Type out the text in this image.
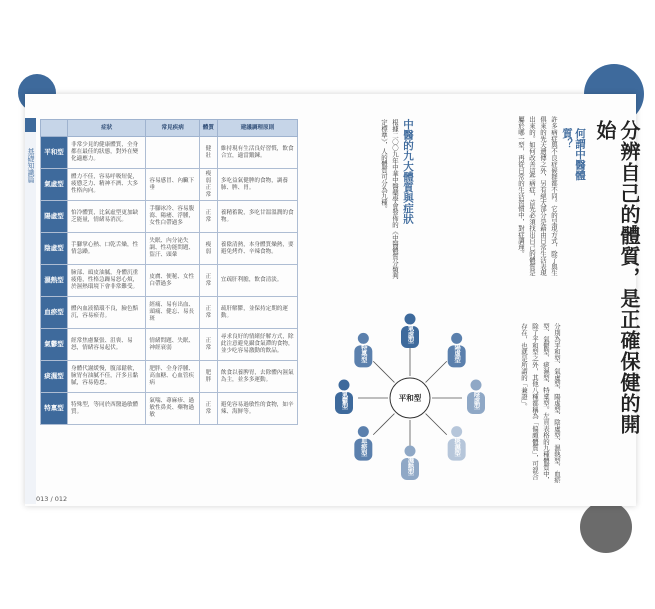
基礎知識篇
013 / 012
	症狀	常見疾病	體質	建議調理原則
平和型	非常少見的健康體質，全身都在最佳的狀態，對外在變化適應力。		健壯	維持現有生活良好習慣，飲食合宜，適當鍛鍊。
氣虛型	體力不佳，容易呼吸短促，疲憊乏力、精神不濟、大多性格內向。	容易感冒、內臟下垂	瘦弱正常	多吃益氣健脾的食物，調養肺、脾、胃。
陽虛型	怕冷體質，比氣虛型更加缺乏能量，情緒易消沉。	手腳冰冷、容易腹瀉、陽痿、浮腫，女性白帶過多	正常	養精蓄銳，多吃甘溫溫潤的食物。
陰虛型	手腳掌心熱、口乾舌燥，性情急躁。	失眠、內分泌失調、性功能問題、盜汗、頭暈	瘦弱	養陰清熱，本身體質燥熱，要避免烤炸、辛辣食物。
濕熱型	臉部、頭皮油膩，身體沉重疲倦，性格急躁易怒心煩，於濕熱環境下會非常難受。	皮膚、便秘、女性白帶過多	正常	宜疏肝利膽，飲食清淡。
血瘀型	體內血液循環不良，臉色黯沉，容易瘀青。	經痛、易有出血、頭痛、健忘、易長斑	正常	疏肝解鬱，並保持定期的運動。
氣鬱型	經常焦慮緊張、沮喪、易怒，情緒容易起伏。	情緒問題、失眠、神經衰弱	正常	尋求良好的情緒紓解方式，除此注意避免攝食氣滯的食物，並少吃容易激動的飲品。
痰濕型	身體代謝緩慢，腹部鬆軟，臉胃有油膩不佳，汗多且黏膩，容易倦怠。	肥胖、全身浮腫、高血糖、心血管疾病	肥胖	飲食以養脾胃，去除體內濕氣為主，並多多運動。
特稟型	特殊型，等同於西醫過敏體質。	氣喘、蕁麻疹、過敏性鼻炎、藥物過敏	正常	避免容易過敏性的食物，如辛辣、海鮮等。	分辨自己的體質，是正確保健的開始
何謂中醫體質？
許多病症與不良症候群都不同。它的呈現方式，除了與生俱來的先天遺傳之外，另有絕大部分是藉由日常生活表現出來的。如何改善這些病症，首先必須找出自己的體質是屬於哪一型，再從日常的生活習慣中，對症調理。
中醫的九大體質與症狀
根據二〇〇九年中華中醫藥學會發佈的《中醫體質分類判定標準》，人的體質可分為九種。
分別為平和型、氣虛型、陽虛型、陰虛型、濕熱型、血瘀型、氣鬱型、痰濕型、特稟型。左頁表格的九種體質中，除了平和型之外，其他八種都稱為「偏頗體質」，可混合存在，也就是所謂的「兼證」。
氣虛型
陽虛型
陰虛型
痰濕型
濕熱型
血瘀型
氣鬱型
特稟型
平和型
